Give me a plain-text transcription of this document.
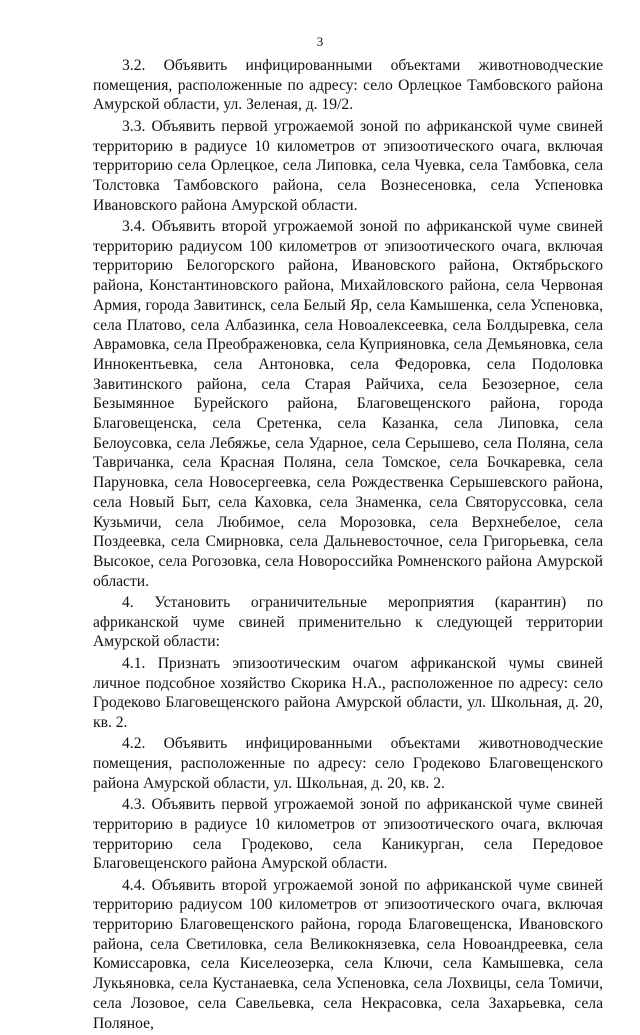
3

3.2. Объявить инфицированными объектами животноводческие помещения, расположенные по адресу: село Орлецкое Тамбовского района Амурской области, ул. Зеленая, д. 19/2.

3.3. Объявить первой угрожаемой зоной по африканской чуме свиней территорию в радиусе 10 километров от эпизоотического очага, включая территорию села Орлецкое, села Липовка, села Чуевка, села Тамбовка, села Толстовка Тамбовского района, села Вознесеновка, села Успеновка Ивановского района Амурской области.

3.4. Объявить второй угрожаемой зоной по африканской чуме свиней территорию радиусом 100 километров от эпизоотического очага, включая территорию Белогорского района, Ивановского района, Октябрьского района, Константиновского района, Михайловского района, села Червоная Армия, города Завитинск, села Белый Яр, села Камышенка, села Успеновка, села Платово, села Албазинка, села Новоалексеевка, села Болдыревка, села Аврамовка, села Преображеновка, села Куприяновка, села Демьяновка, села Иннокентьевка, села Антоновка, села Федоровка, села Подоловка Завитинского района, села Старая Райчиха, села Безозерное, села Безымянное Бурейского района, Благовещенского района, города Благовещенска, села Сретенка, села Казанка, села Липовка, села Белоусовка, села Лебяжье, села Ударное, села Серышево, села Поляна, села Тавричанка, села Красная Поляна, села Томское, села Бочкаревка, села Паруновка, села Новосергеевка, села Рождественка Серышевского района, села Новый Быт, села Каховка, села Знаменка, села Святоруссовка, села Кузьмичи, села Любимое, села Морозовка, села Верхнебелое, села Поздеевка, села Смирновка, села Дальневосточное, села Григорьевка, села Высокое, села Рогозовка, села Новороссийка Ромненского района Амурской области.

4. Установить ограничительные мероприятия (карантин) по африканской чуме свиней применительно к следующей территории Амурской области:

4.1. Признать эпизоотическим очагом африканской чумы свиней личное подсобное хозяйство Скорика Н.А., расположенное по адресу: село Гродеково Благовещенского района Амурской области, ул. Школьная, д. 20, кв. 2.

4.2. Объявить инфицированными объектами животноводческие помещения, расположенные по адресу: село Гродеково Благовещенского района Амурской области, ул. Школьная, д. 20, кв. 2.

4.3. Объявить первой угрожаемой зоной по африканской чуме свиней территорию в радиусе 10 километров от эпизоотического очага, включая территорию села Гродеково, села Каникурган, села Передовое Благовещенского района Амурской области.

4.4. Объявить второй угрожаемой зоной по африканской чуме свиней территорию радиусом 100 километров от эпизоотического очага, включая территорию Благовещенского района, города Благовещенска, Ивановского района, села Светиловка, села Великокнязевка, села Новоандреевка, села Комиссаровка, села Киселеозерка, села Ключи, села Камышевка, села Лукьяновка, села Кустанаевка, села Успеновка, села Лохвицы, села Томичи, села Лозовое, села Савельевка, села Некрасовка, села Захарьевка, села Поляное,
